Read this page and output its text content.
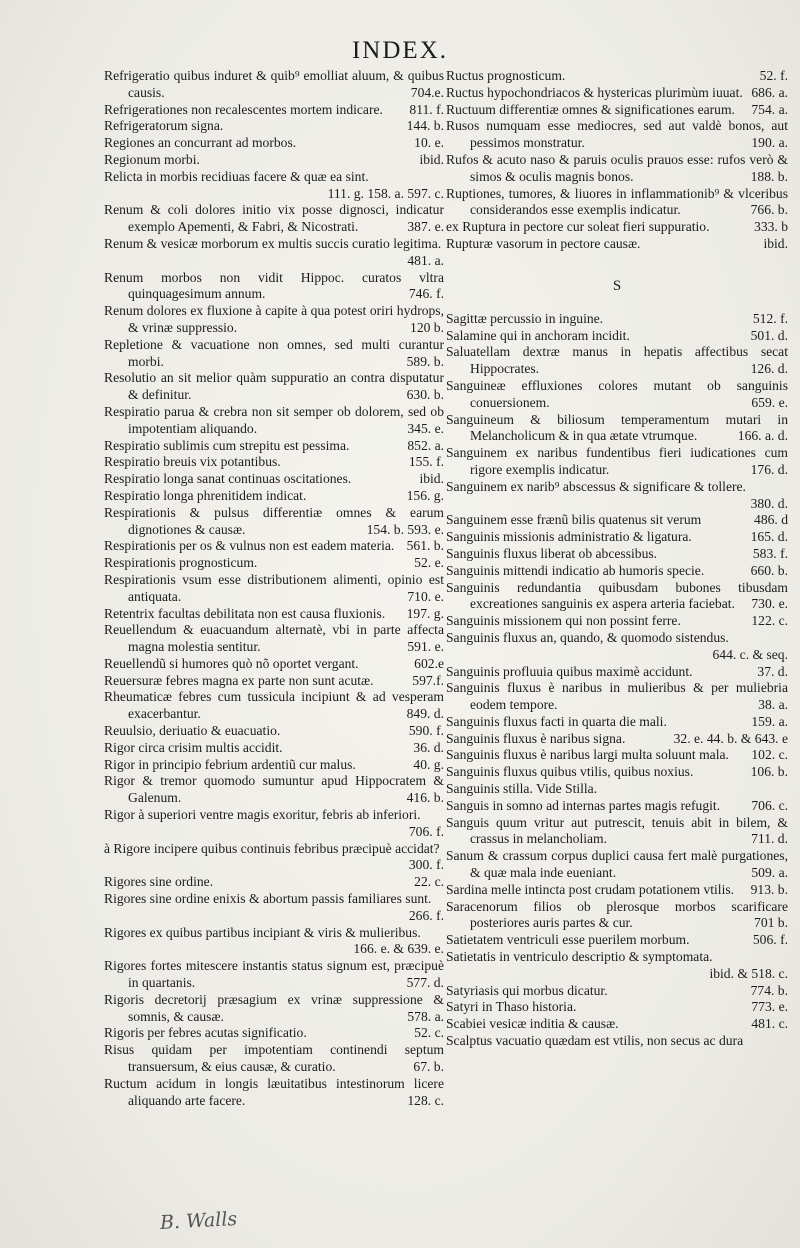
INDEX.

Refrigeratio quibus induret & quib⁹ emolliat aluum, & quibus causis.	704.e.

Refrigerationes non recalescentes mortem indicare.	811. f.

Refrigeratorum signa.	144. b.

Regiones an concurrant ad morbos.	10. e.

Regionum morbi.	ibid.

Relicta in morbis recidiuas facere & quæ ea sint.
111. g. 158. a. 597. c.

Renum & coli dolores initio vix posse dignosci, indicatur exemplo Apementi, & Fabri, & Nicostrati.	387. e.

Renum & vesicæ morborum ex multis succis curatio legitima.
481. a.

Renum morbos non vidit Hippoc. curatos vltra quinquagesimum annum.	746. f.

Renum dolores ex fluxione à capite à qua potest oriri hydrops, & vrinæ suppressio.	120 b.

Repletione & vacuatione non omnes, sed multi curantur morbi.	589. b.

Resolutio an sit melior quàm suppuratio an contra disputatur & definitur.	630. b.

Respiratio parua & crebra non sit semper ob dolorem, sed ob impotentiam aliquando.	345. e.

Respiratio sublimis cum strepitu est pessima.	852. a.

Respiratio breuis vix potantibus.	155. f.

Respiratio longa sanat continuas oscitationes.	ibid.

Respiratio longa phrenitidem indicat.	156. g.

Respirationis & pulsus differentiæ omnes & earum dignotiones & causæ.	154. b. 593. e.

Respirationis per os & vulnus non est eadem materia. 561. b.

Respirationis prognosticum.	52. e.

Respirationis vsum esse distributionem alimenti, opinio est antiquata.	710. e.

Retentrix facultas debilitata non est causa fluxionis.	197. g.

Reuellendum & euacuandum alternatè, vbi in parte affecta magna molestia sentitur.	591. e.

Reuellendũ si humores quò nõ oportet vergant.	602.e

Reuersuræ febres magna ex parte non sunt acutæ.	597.f.

Rheumaticæ febres cum tussicula incipiunt & ad vesperam exacerbantur.	849. d.

Reuulsio, deriuatio & euacuatio.	590. f.

Rigor circa crisim multis accidit.	36. d.

Rigor in principio febrium ardentiũ cur malus.	40. g.

Rigor & tremor quomodo sumuntur apud Hippocratem & Galenum.	416. b.

Rigor à superiori ventre magis exoritur, febris ab inferiori.
706. f.

à Rigore incipere quibus continuis febribus præcipuè accidat?
300. f.

Rigores sine ordine.	22. c.

Rigores sine ordine enixis & abortum passis familiares sunt.
266. f.

Rigores ex quibus partibus incipiant & viris & mulieribus.
166. e. & 639. e.

Rigores fortes mitescere instantis status signum est, præcipuè in quartanis.	577. d.

Rigoris decretorij præsagium ex vrinæ suppressione & somnis, & causæ.	578. a.

Rigoris per febres acutas significatio.	52. c.

Risus quidam per impotentiam continendi septum transuersum, & eius causæ, & curatio.	67. b.

Ructum acidum in longis læuitatibus intestinorum licere aliquando arte facere.	128. c.

Ructus prognosticum.	52. f.

Ructus hypochondriacos & hystericas plurimùm iuuat. 686. a.

Ructuum differentiæ omnes & significationes earum.	754. a.

Rusos numquam esse mediocres, sed aut valdè bonos, aut pessimos monstratur.	190. a.

Rufos & acuto naso & paruis oculis prauos esse: rufos verò & simos & oculis magnis bonos.	188. b.

Ruptiones, tumores, & liuores in inflammationib⁹ & vlceribus considerandos esse exemplis indicatur.	766. b.

ex Ruptura in pectore cur soleat fieri suppuratio.	333. b

Rupturæ vasorum in pectore causæ.	ibid.

S

Sagittæ percussio in inguine.	512. f.

Salamine qui in anchoram incidit.	501. d.

Saluatellam dextræ manus in hepatis affectibus secat Hippocrates.	126. d.

Sanguineæ effluxiones colores mutant ob sanguinis conuersionem.	659. e.

Sanguineum & biliosum temperamentum mutari in Melancholicum & in qua ætate vtrumque.	166. a. d.

Sanguinem ex naribus fundentibus fieri iudicationes cum rigore exemplis indicatur.	176. d.

Sanguinem ex narib⁹ abscessus & significare & tollere.
380. d.

Sanguinem esse frænũ bilis quatenus sit verum	486. d

Sanguinis missionis administratio & ligatura.	165. d.

Sanguinis fluxus liberat ob abcessibus.	583. f.

Sanguinis mittendi indicatio ab humoris specie.	660. b.

Sanguinis redundantia quibusdam bubones tibusdam excreationes sanguinis ex aspera arteria faciebat.	730. e.

Sanguinis missionem qui non possint ferre.	122. c.

Sanguinis fluxus an, quando, & quomodo sistendus.
644. c. & seq.

Sanguinis profluuia quibus maximè accidunt.	37. d.

Sanguinis fluxus è naribus in mulieribus & per muliebria eodem tempore.	38. a.

Sanguinis fluxus facti in quarta die mali.	159. a.

Sanguinis fluxus è naribus signa.	32. e. 44. b. & 643. e

Sanguinis fluxus è naribus largi multa soluunt mala.	102. c.

Sanguinis fluxus quibus vtilis, quibus noxius.	106. b.

Sanguinis stilla. Vide Stilla.

Sanguis in somno ad internas partes magis refugit.	706. c.

Sanguis quum vritur aut putrescit, tenuis abit in bilem, & crassus in melancholiam.	711. d.

Sanum & crassum corpus duplici causa fert malè purgationes, & quæ mala inde eueniant.	509. a.

Sardina melle intincta post crudam potationem vtilis.	913. b.

Saracenorum filios ob plerosque morbos scarificare posteriores auris partes & cur.	701 b.

Satietatem ventriculi esse puerilem morbum.	506. f.

Satietatis in ventriculo descriptio & symptomata.
ibid. & 518. c.

Satyriasis qui morbus dicatur.	774. b.

Satyri in Thaso historia.	773. e.

Scabiei vesicæ inditia & causæ.	481. c.

Scalptus vacuatio quædam est vtilis, non secus ac dura

B. Walls
